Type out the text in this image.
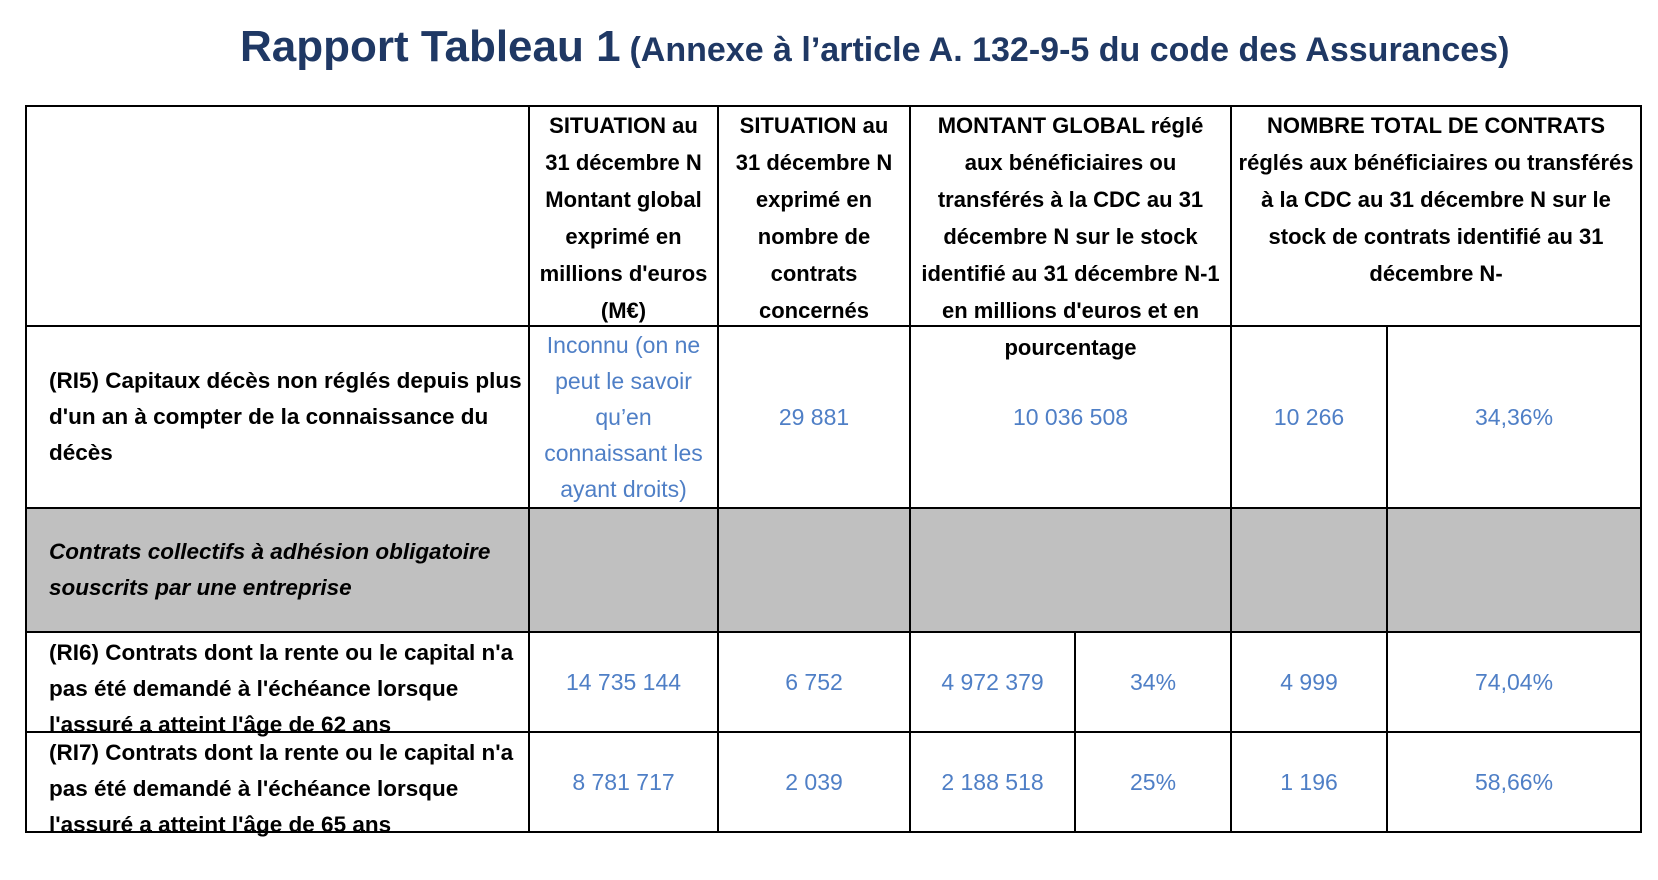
Rapport Tableau 1 (Annexe à l’article A. 132-9-5 du code des Assurances)

	SITUATION au 31 décembre N Montant global exprimé en millions d'euros (M€)	SITUATION au 31 décembre N exprimé en nombre de contrats concernés	MONTANT GLOBAL réglé aux bénéficiaires ou transférés à la CDC au 31 décembre N sur le stock identifié au 31 décembre N-1 en millions d'euros et en pourcentage		NOMBRE TOTAL DE CONTRATS réglés aux bénéficiaires ou transférés à la CDC au 31 décembre N sur le stock de contrats identifié au 31 décembre N-	

(RI5) Capitaux décès non réglés depuis plus d'un an à compter de la connaissance du décès	Inconnu (on ne peut le savoir qu’en connaissant les ayant droits)	29 881	10 036 508		10 266	34,36%
Contrats collectifs à adhésion obligatoire souscrits par une entreprise						

(RI6) Contrats dont la rente ou le capital n'a pas été demandé à l'échéance lorsque l'assuré a atteint l'âge de 62 ans	14 735 144	6 752	4 972 379	34%	4 999	74,04%

(RI7) Contrats dont la rente ou le capital n'a pas été demandé à l'échéance lorsque l'assuré a atteint l'âge de 65 ans	8 781 717	2 039	2 188 518	25%	1 196	58,66%
